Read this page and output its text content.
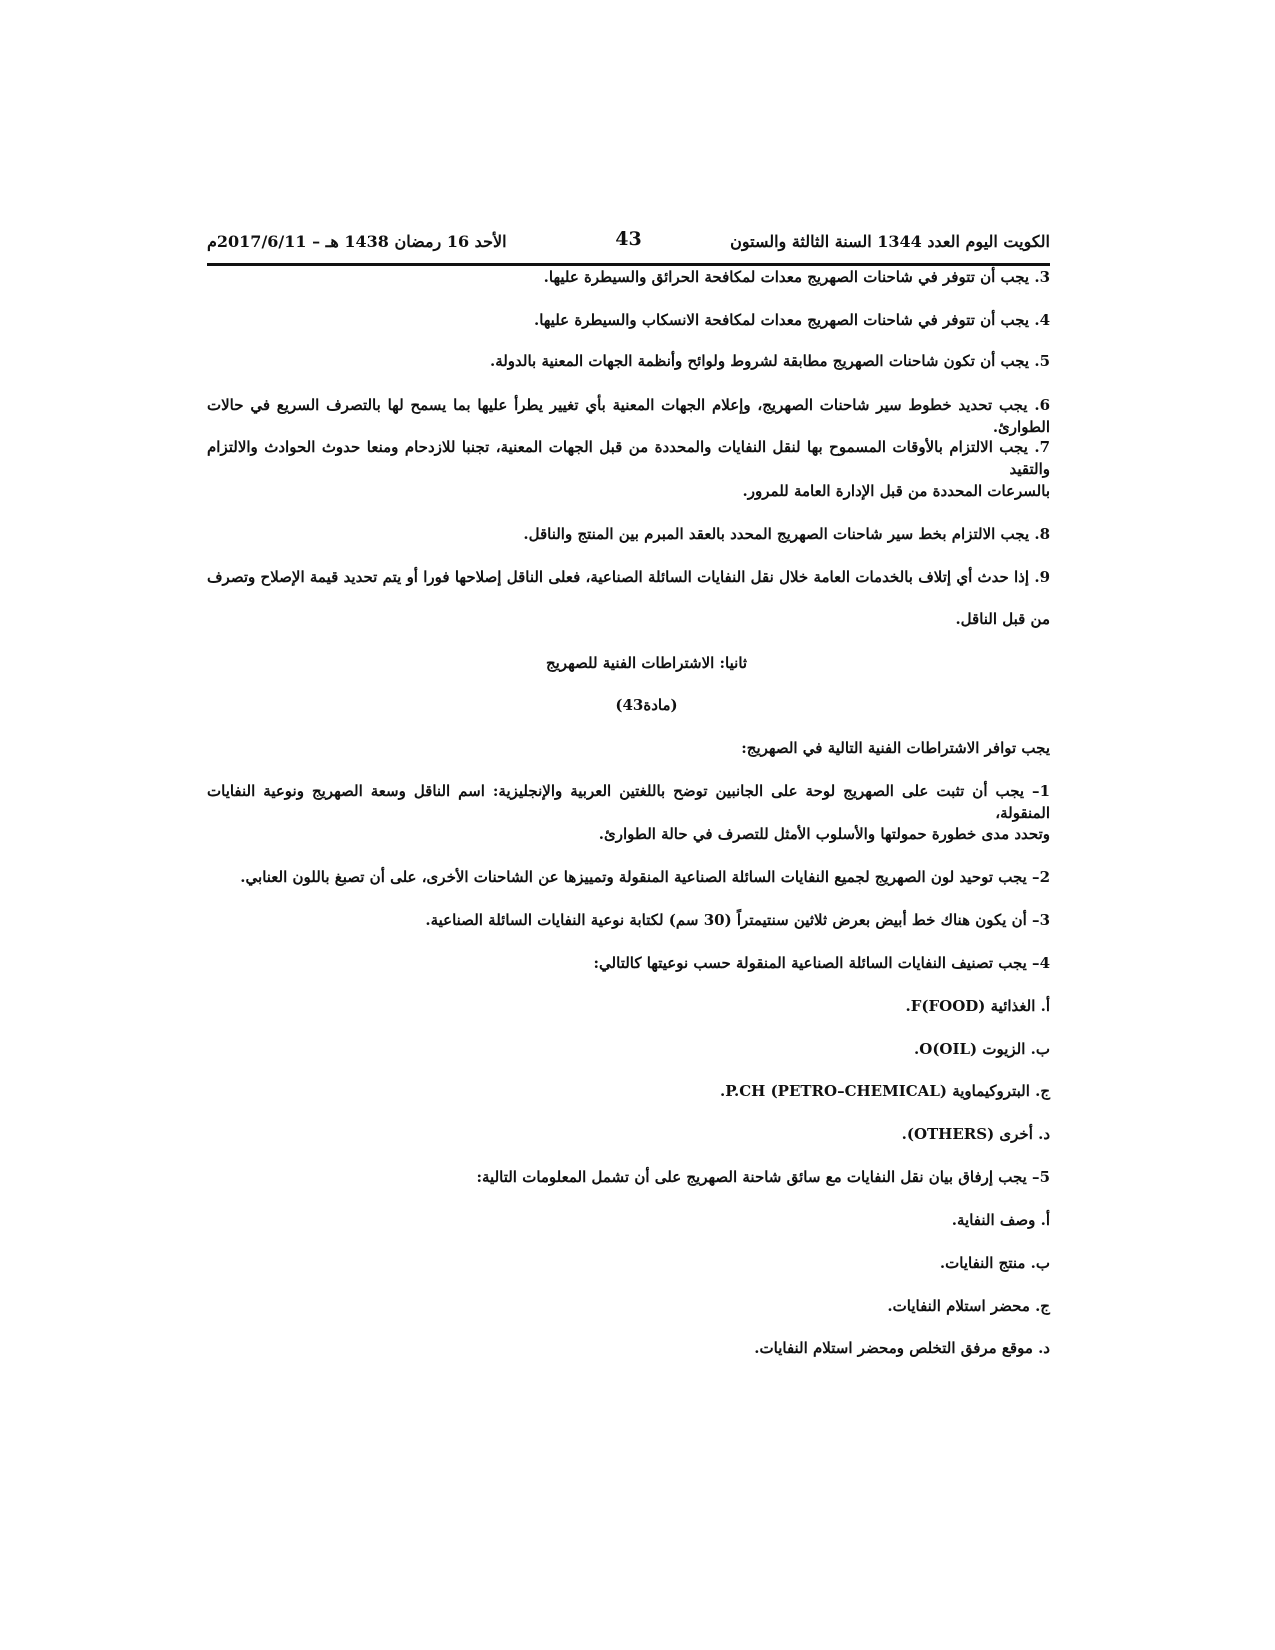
الكويت اليوم العدد 1344 السنة الثالثة والستون
43
الأحد 16 رمضان 1438 هـ – 2017/6/11م
3. يجب أن تتوفر في شاحنات الصهريج معدات لمكافحة الحرائق والسيطرة عليها.
4. يجب أن تتوفر في شاحنات الصهريج معدات لمكافحة الانسكاب والسيطرة عليها.
5. يجب أن تكون شاحنات الصهريج مطابقة لشروط ولوائح وأنظمة الجهات المعنية بالدولة.
6. يجب تحديد خطوط سير شاحنات الصهريج، وإعلام الجهات المعنية بأي تغيير يطرأ عليها بما يسمح لها بالتصرف السريع في حالات الطوارئ.
7. يجب الالتزام بالأوقات المسموح بها لنقل النفايات والمحددة من قبل الجهات المعنية، تجنبا للازدحام ومنعا حدوث الحوادث والالتزام والتقيد
بالسرعات المحددة من قبل الإدارة العامة للمرور.
8. يجب الالتزام بخط سير شاحنات الصهريج المحدد بالعقد المبرم بين المنتج والناقل.
9. إذا حدث أي إتلاف بالخدمات العامة خلال نقل النفايات السائلة الصناعية، فعلى الناقل إصلاحها فورا أو يتم تحديد قيمة الإصلاح وتصرف
من قبل الناقل.
ثانيا: الاشتراطات الفنية للصهريج
(مادة43)
يجب توافر الاشتراطات الفنية التالية في الصهريج:
1– يجب أن تثبت على الصهريج لوحة على الجانبين توضح باللغتين العربية والإنجليزية: اسم الناقل وسعة الصهريج ونوعية النفايات المنقولة،
وتحدد مدى خطورة حمولتها والأسلوب الأمثل للتصرف في حالة الطوارئ.
2– يجب توحيد لون الصهريج لجميع النفايات السائلة الصناعية المنقولة وتمييزها عن الشاحنات الأخرى، على أن تصبغ باللون العنابي.
3– أن يكون هناك خط أبيض بعرض ثلاثين سنتيمتراً (30 سم) لكتابة نوعية النفايات السائلة الصناعية.
4– يجب تصنيف النفايات السائلة الصناعية المنقولة حسب نوعيتها كالتالي:
أ. الغذائية F(FOOD).
ب. الزيوت O(OIL).
ج. البتروكيماوية P.CH (PETRO–CHEMICAL).
د. أخرى (OTHERS).
5– يجب إرفاق بيان نقل النفايات مع سائق شاحنة الصهريج على أن تشمل المعلومات التالية:
أ. وصف النفاية.
ب. منتج النفايات.
ج. محضر استلام النفايات.
د. موقع مرفق التخلص ومحضر استلام النفايات.
